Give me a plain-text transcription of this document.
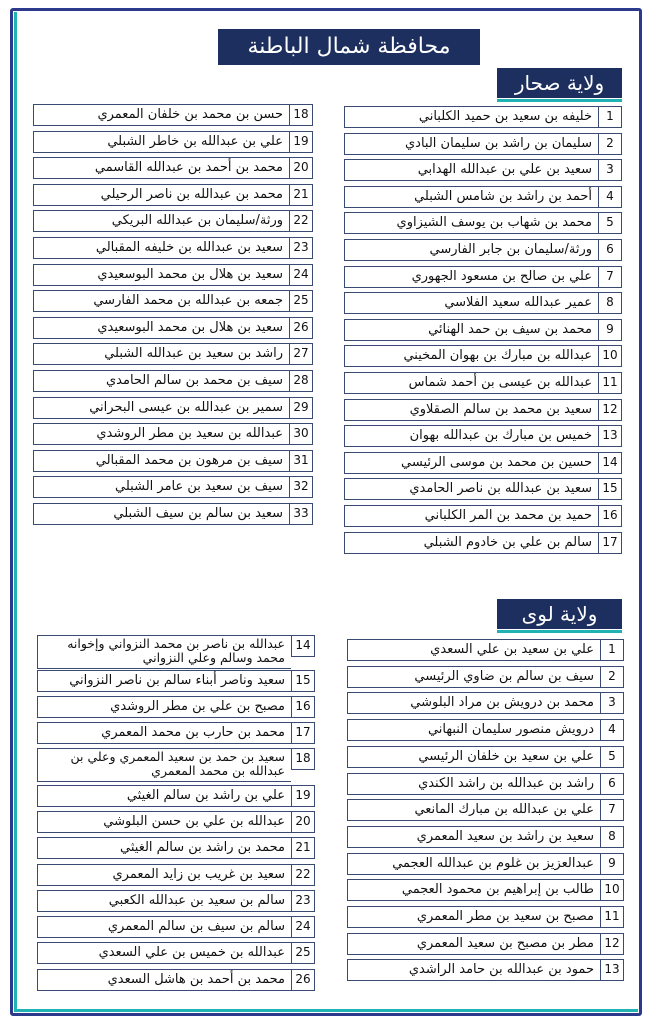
محافظة شمال الباطنة
ولاية صحار
ولاية لوى
خليفه بن سعيد بن حميد الكلباني	1
سليمان بن راشد بن سليمان البادي	2
سعيد بن علي بن عبدالله الهدابي	3
أحمد بن راشد بن شامس الشبلي	4
محمد بن شهاب بن يوسف الشيزاوي	5
ورثة/سليمان بن جابر الفارسي	6
علي بن صالح بن مسعود الجهوري	7
عمير عبدالله سعيد الفلاسي	8
محمد بن سيف بن حمد الهنائي	9
عبدالله بن مبارك بن بهوان المخيني 10
عبدالله بن عيسى بن أحمد شماس 11
سعيد بن محمد بن سالم الصقلاوي 12
خميس بن مبارك بن عبدالله بهوان 13
حسين بن محمد بن موسى الرئيسي 14
سعيد بن عبدالله بن ناصر الحامدي 15
حميد بن محمد بن المر الكلباني 16
سالم بن علي بن خادوم الشبلي 17
حسن بن محمد بن خلفان المعمري 18
علي بن عبدالله بن خاطر الشبلي 19
محمد بن أحمد بن عبدالله القاسمي 20
محمد بن عبدالله بن ناصر الرحيلي 21
ورثة/سليمان بن عبدالله البريكي 22
سعيد بن عبدالله بن خليفه المقبالي 23
سعيد بن هلال بن محمد البوسعيدي 24
جمعه بن عبدالله بن محمد الفارسي 25
سعيد بن هلال بن محمد البوسعيدي 26
راشد بن سعيد بن عبدالله الشبلي 27
سيف بن محمد بن سالم الحامدي 28
سمير بن عبدالله بن عيسى البحراني 29
عبدالله بن سعيد بن مطر الروشدي 30
سيف بن مرهون بن محمد المقبالي 31
سيف بن سعيد بن عامر الشبلي 32
سعيد بن سالم بن سيف الشبلي 33
علي بن سعيد بن علي السعدي	1
سيف بن سالم بن ضاوي الرئيسي	2
محمد بن درويش بن مراد البلوشي	3
درويش منصور سليمان النبهاني	4
علي بن سعيد بن خلفان الرئيسي	5
راشد بن عبدالله بن راشد الكندي	6
علي بن عبدالله بن مبارك المانعي	7
سعيد بن راشد بن سعيد المعمري	8
عبدالعزيز بن غلوم بن عبدالله العجمي	9
طالب بن إبراهيم بن محمود العجمي 10
مصبح بن سعيد بن مطر المعمري 11
مطر بن مصبح بن سعيد المعمري 12
حمود بن عبدالله بن حامد الراشدي 13
عبدالله بن ناصر بن محمد النزواني وإخوانه محمد وسالم وعلي النزواني
14
سعيد وناصر أبناء سالم بن ناصر النزواني 15
مصبح بن علي بن مطر الروشدي 16
محمد بن حارب بن محمد المعمري 17
سعيد بن حمد بن سعيد المعمري وعلي بن عبدالله بن محمد المعمري
18
علي بن راشد بن سالم الغيثي 19
عبدالله بن علي بن حسن البلوشي 20
محمد بن راشد بن سالم الغيثي 21
سعيد بن غريب بن زايد المعمري 22
سالم بن سعيد بن عبدالله الكعبي 23
سالم بن سيف بن سالم المعمري 24
عبدالله بن خميس بن علي السعدي 25
محمد بن أحمد بن هاشل السعدي 26
